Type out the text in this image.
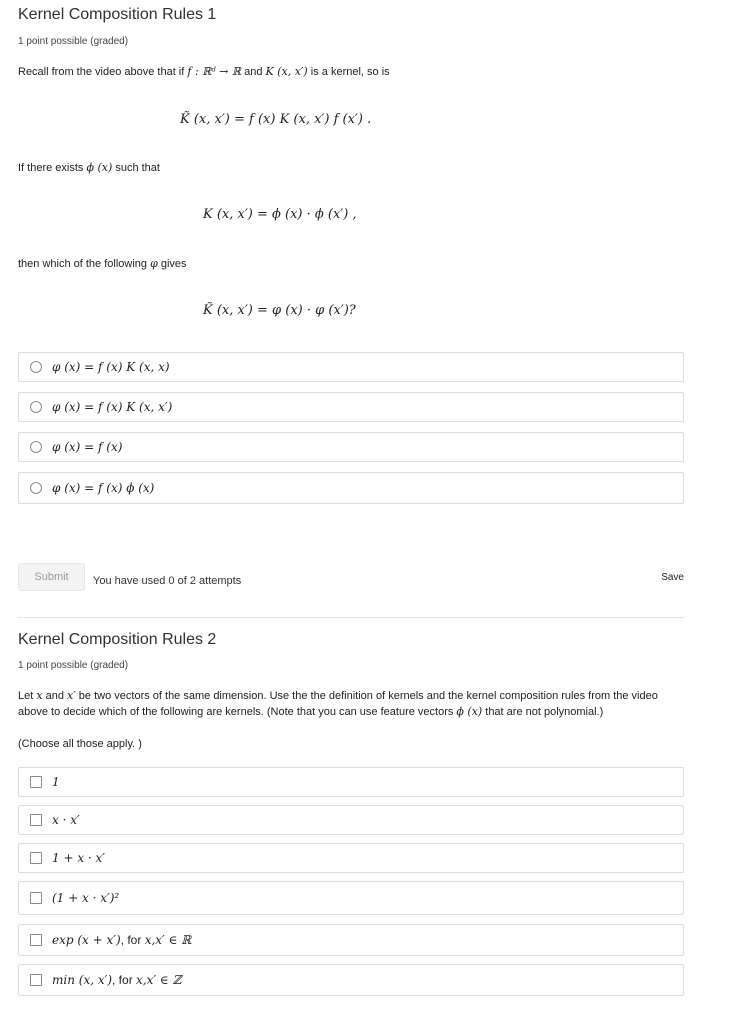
Kernel Composition Rules 1
1 point possible (graded)
Recall from the video above that if f : ℝᵈ → ℝ and K (x, x′) is a kernel, so is
K̃ (x, x′) = f (x) K (x, x′) f (x′) .
If there exists ϕ (x) such that
K (x, x′) = ϕ (x) · ϕ (x′) ,
then which of the following φ gives
K̃ (x, x′) = φ (x) · φ (x′)?
φ (x) = f (x) K (x, x)
φ (x) = f (x) K (x, x′)
φ (x) = f (x)
φ (x) = f (x) ϕ (x)
Submit	You have used 0 of 2 attempts	Save
Kernel Composition Rules 2
1 point possible (graded)
Let x and x′ be two vectors of the same dimension. Use the the definition of kernels and the kernel composition rules from the video above to decide which of the following are kernels. (Note that you can use feature vectors ϕ (x) that are not polynomial.)
(Choose all those apply. )
1
x · x′
1 + x · x′
(1 + x · x′)²
exp (x + x′), for x,x′ ∈ ℝ
min (x, x′), for x,x′ ∈ ℤ
